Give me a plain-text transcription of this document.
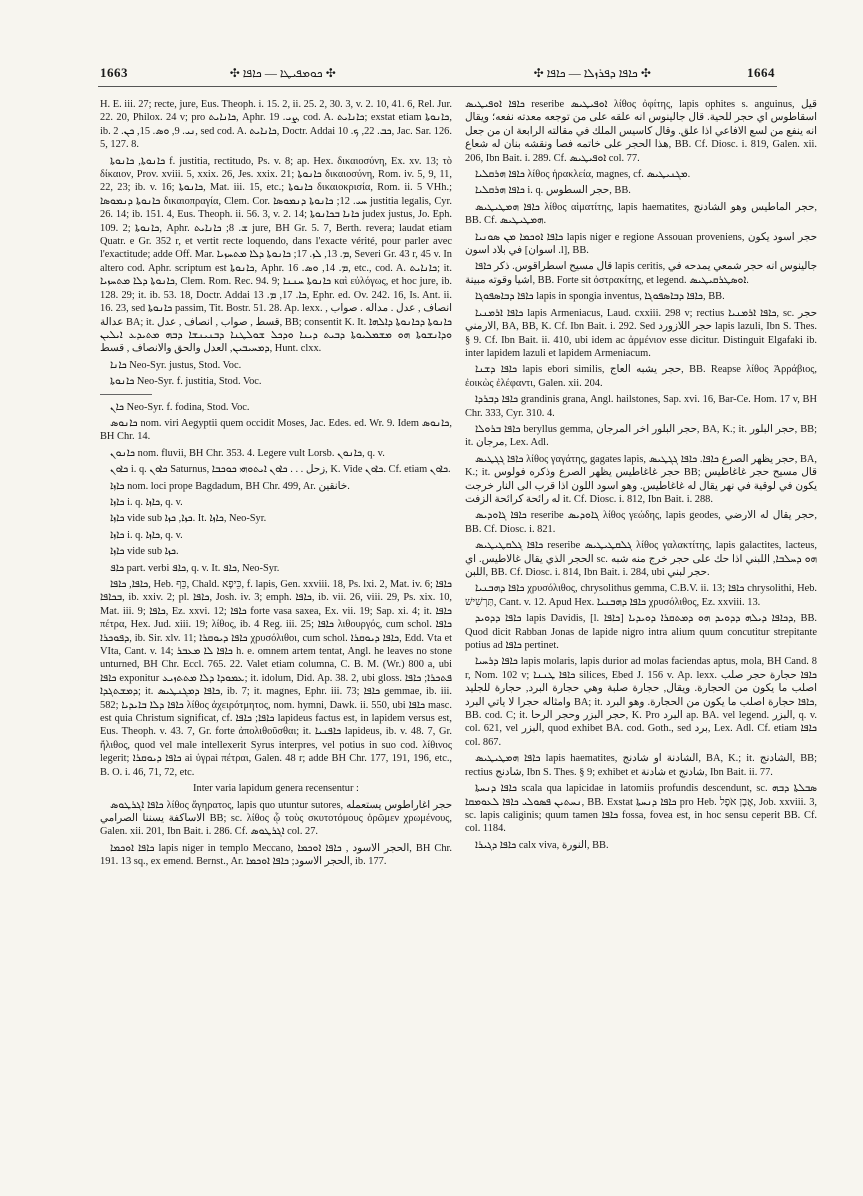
1663	✣ ܟܘܡܦܝܛܐ — ܟܐܦܐ ✣	✣ ܟܐܦܐ ܕܦܪܙܠܐ — ܟܐܦܐ ✣	1664

H. E. iii. 27; recte, jure, Eus. Theoph. i. 15. 2, ii. 25. 2, 30. 3, v. 2. 10, 41. 6, Rel. Jur. 22. 20, Philox. 24 v; pro ܟܐܢܐܝܬ, Aphr. ܨܝ. 19, cod. A. ܟܐܢܐܝܬ; exstat etiam ܟܐܢܘܬܐ, ib. ܢܝ. 9, ܘܣ. 15, ܟܢ. 2, sed cod. A. ܟܐܢܐܝܬ, Doctr. Addai ܟܒ. 22, ܟ. 10, Jac. Sar. 126. 5, 127. 8.

ܟܐܢܘܬܐ, ܟܐܢܘܬܐ f. justitia, rectitudo, Ps. v. 8; ap. Hex. δικαιοσύνη, Ex. xv. 13; τὸ δίκαιον, Prov. xviii. 5, xxix. 26, Jes. xxix. 21; ܟܐܢܘܬܐ δικαιοσύνη, Rom. iv. 5, 9, 11, 22, 23; ib. v. 16; ܟܐܢܘܬܐ, Mat. iii. 15, etc.; ܟܐܢܘܬܐ δικαιοκρισία, Rom. ii. 5 VHh.; ܟܐܢܘܬܐ ܕܢܡܘܣܐ δικαιοπραγία, Clem. Cor. ܚܝ. 12; ܟܐܢܘܬܐ ܕܢܡܘܣܐ justitia legalis, Cyr. 26. 14; ib. 151. 4, Eus. Theoph. ii. 56. 3, v. 2. 14; ܟܐܢܐ ܒܟܐܢܘܬܐ judex justus, Jo. Eph. 109. 2; ܟܐܢܘܬܐ, Aphr. ܫ. 8; ܟܐܢܐܝܬ jure, BH Gr. 5. 7, Berth. revera; laudat etiam Quatr. e Gr. 352 r, et vertit recte loquendo, dans l'exacte vérité, pour parler avec l'exactitude; adde Off. Mar. ܡ. 13, ܠܙ. 17; ܟܐܢܘܬܐ ܕܠܐ ܡܬܚܙܝܐ, Severi Gr. 43 r, 45 v. In altero cod. Aphr. scriptum est ܟܐܢܘܬܐ, Aphr. ܡ. 14, ܘܣ. 16, etc., cod. A. ܟܐܢܐܝܬ; it. ܟܐܢܘܬܐ ܕܠܐ ܡܬܚܙܝܐ, Clem. Rom. Rec. 94. 9; ܟܐܢܘܬܐ ܚܢܢܐ καὶ εὐλόγως, et hoc jure, ib. 128. 29; it. ib. 53. 18, Doctr. Addai ܟܐ. 17, ܡ. 13, Ephr. ed. Ov. 242. 16, Is. Ant. ii. 16. 23, sed ܟܐܢܘܬܐ passim, Tit. Bostr. 51. 28. Ap. lexx. انصاف , عدل . مداله . صواب , عدالة BA; it. قسط , صواب , انصاف , عدل, BB; consentit K. It. ܟܐܢܘܬܐ ܕܟܐܢܘܬܐ ܕܐܠܗܐ ܘܕܐܢܫܘܬܐ ܗܘ ܡܫܡܠܝܘܬܐ ܕܒܝܬ ܕܝܢܐ ܘܕܟܠ ܫܘܠܛܢܐ ܕܒܢܝܢܫܐ ܕܒܗ ܡܬܝܕܥ ܐܝܠܝܢ ܕܡܚܝܒܝܢ, العدل والحق والانصاف , قسط, Hunt. clxx.

ܟܐܢܐ Neo-Syr. justus, Stod. Voc.

ܟܐܢܘܬܐ Neo-Syr. f. justitia, Stod. Voc.

ܟܐܢ Neo-Syr. f. fodina, Stod. Voc.

ܟܐܢܘܣ nom. viri Aegyptii quem occidit Moses, Jac. Edes. ed. Wr. 9. Idem ܟܐܢܘܣ, BH Chr. 14.

ܟܐܢܘܢ nom. fluvii, BH Chr. 353. 4. Legere vult Lorsb. ܟܐܢܘܢ, q. v.

ܟܐܘܢ i. q. ܟܐܘܢ Saturnus, زحل . . . ܟܐܘܢ ܐܝܬܘܗܝ ܟܘܟܒܐ, K. Vide ܟܐܘܢ. Cf. etiam ܟܐܘܢ.

ܟܐܙܐ nom. loci prope Bagdadum, BH Chr. 499, Ar. خانقين.

ܟܐܙܐ i. q. ܟܐܙܐ, q. v.

ܟܐܙܐ vide sub ܟܙܐ, ܟܙܐ. It. ܟܐܙܐ, Neo-Syr.

ܟܐܙܐ i. q. ܟܐܙܐ, q. v.

ܟܐܙܐ vide sub ܟܙܐ.

ܟܐܦ part. verbi ܟܐܦ, q. v. It. ܟܐܦ, Neo-Syr.

ܟܐܦܐ, ܟܐܦܐ, Heb. כֵּף, Chald. כֵּיפָא, f. lapis, Gen. xxviii. 18, Ps. lxi. 2, Mat. iv. 6; ܟܐܦܐ ܒܟܐܦܐ, ib. xxiv. 2; pl. ܟܐܦܐ, Josh. iv. 3; emph. ܟܐܦܐ, ib. vii. 26, viii. 29, Ps. xix. 10, Mat. iii. 9; ܟܐܦܐ, Ez. xxvi. 12; ܟܐܦܐ forte vasa saxea, Ex. vii. 19; Sap. xi. 4; it. ܟܐܦܐ πέτρα, Hex. Jud. xiii. 19; λίθος, ib. 4 Reg. iii. 25; ܟܐܦܐ λιθουργός, cum schol. ܟܐܦܐ ܕܦܘܟܪܐ, ib. Sir. xlv. 11; ܟܐܦܐ ܕܝܘܩܪܐ χρυσόλιθοι, cum schol. ܟܐܦܐ ܕܝܘܩܪܐ, Edd. Vta et VIta, Cant. v. 14; ܟܐܦܐ ܠܐ ܡܥܒܪ h. e. omnem artem tentat, Angl. he leaves no stone unturned, BH Chr. Eccl. 765. 22. Valet etiam columna, C. B. M. (Wr.) 800 a, ubi ܟܐܦܐ exponitur ܥܡܘܕܐ ܕܠܐ ܡܬܬܙܝܥ; it. idolum, Did. Ap. 38. 2, ubi gloss. ܦܬܟܪܐ; ܟܐܦܐ ܕܡܫܬܓܕܐ; it. ܟܐܦܐ ܕܡܓܢܛܝܣ, ib. 7; it. magnes, Ephr. iii. 73; ܟܐܦܐ gemmae, ib. iii. 582; ܟܐܦܐ ܕܠܐ ܒܐܝܕܝܐ λίθος ἀχειρότμητος, nom. hymni, Dawk. ii. 550, ubi ܟܐܦܐ masc. est quia Christum significat, cf. ܟܐܦܐ; ܟܐܦܐ lapideus factus est, in lapidem versus est, Eus. Theoph. v. 43. 7, Gr. forte ἀπολιθοῦσθαι; it. ܟܐܦܢܝܐ lapideus, ib. v. 48. 7, Gr. ἤλιθος, quod vel male intellexerit Syrus interpres, vel potius in suo cod. λίθινος legerit; ܟܐܦܐ ܕܝܘܩܪܐ ai ὑγρaì πέτραι, Galen. 48 r; adde BH Chr. 177, 191, 196, etc., B. O. i. 46, 71, 72, etc.

Inter varia lapidum genera recensentur :

ܟܐܦܐ ܐܓܪܛܘܣ λίθος ἄγηρατος, lapis quo utuntur sutores, حجر اغاراطوس يستعمله الاساكفة يسننا الصرامي BB; sc. λίθος ᾧ τοὺς σκυτοτόμους ὁρῶμεν χρωμένους, Galen. xii. 201, Ibn Bait. i. 286. Cf. ܐܓܪܛܘܣ col. 27.

ܟܐܦܐ ܐܘܟܡܐ lapis niger in templo Meccano, الحجر الاسود , ܟܐܦܐ ܐܘܟܡܐ, BH Chr. 191. 13 sq., ex emend. Bernst., Ar. الحجر الاسود; ܟܐܦܐ ܐܘܟܡܐ, ib. 177.

ܟܐܦܐ ܐܘܦܝܛܝܣ reseribe ܐܘܦܝܛܝܣ λίθος ὀφίτης, lapis ophites s. anguinus, قيل اسقاطوس اي حجر للحية. قال جالينوس انه علقه على من توجعه معدته نفعه؛ ويقال انه ينفع من لسع الافاعي اذا علق. وقال كاسيس الملك في مقالته الرابعة ان من جعل هذا الحجر على خاتمه فصا ونقشه بنان له شعاع, BB. Cf. Diosc. i. 819, Galen. xii. 206, Ibn Bait. i. 289. Cf. ܐܘܦܝܛܝܣ col. 77.

ܟܐܦܐ ܗܪܩܠܝܐ λίθος ἡρακλεία, magnes, cf. ܡܓܢܝܛܝܣ.

ܟܐܦܐ ܗܪܩܠܝܐ i. q. حجر السطوس, BB.

ܟܐܦܐ ܗܡܛܝܛܝܣ λίθος αἱματίτης, lapis haematites, حجر الماطيس وهو الشادنج, BB. Cf. ܗܡܛܝܛܝܣ.

ܟܐܦܐ ܐܘܟܡܐ ܡܢ ܣܘܢܝܐ lapis niger e regione Assouan proveniens, حجر اسود يكون في بلاد اسون [اسوان .l], BB.

قال مسيح اسطراقوس. ذكر ܟܐܦܐ lapis ceritis, جالينوس انه حجر شمعي يمدحه في اشيا وقوته مبينة, BB. Forte sit ὀστρακίτης, et legend. ܐܘܣܛܪܩܝܛܝܣ.

ܟܐܦܐ ܕܒܐܣܦܘܓܐ lapis in spongia inventus, ܟܐܦܐ ܕܒܐܣܦܘܓܐ, BB.

ܟܐܦܐ ܐܪܡܢܝܐ lapis Armeniacus, Laud. cxxiii. 298 v; rectius ܟܐܦܐ ܐܪܡܢܝܐ, sc. حجر الارمني, BA, BB, K. Cf. Ibn Bait. i. 292. Sed حجر اللازورد lapis lazuli, Ibn S. Thes. § 9. Cf. Ibn Bait. ii. 410, ubi idem ac ἀρμένιον esse dicitur. Distinguit Elgafaki ib. inter lapidem lazuli et lapidem Armeniacum.

ܟܐܦܐ ܕܫܢܐ lapis ebori similis, حجر يشبه العاج, BB. Reapse λίθος Ἀρράβιος, ἐοικὼς ἐλέφαντι, Galen. xii. 204.

ܟܐܦܐ ܕܒܪܕܐ grandinis grana, Angl. hailstones, Sap. xvi. 16, Bar-Ce. Hom. 17 v, BH Chr. 333, Cyr. 310. 4.

ܟܐܦܐ ܒܪܘܠܐ beryllus gemma, حجر البلور اخر المرجان, BA, K.; it. حجر البلور, BB; it. مرجان, Lex. Adl.

ܟܐܦܐ ܓܓܛܝܣ λίθος γαγάτης, gagates lapis, حجر يظهر الصرع ܟܐܦܐ. ܟܐܦܐ ܓܓܛܝܣ, BA, K.; it. حجر غاغاطيس يظهر الصرع وذكره فولوس BB; قال مسيح حجر غاغاطيس يكون في لوقية في نهر يقال له غاغاطيس. وهو اسود اللون اذا قرب الى النار خرجت له رائحة كرائحة الزفت it. Cf. Diosc. i. 812, Ibn Bait. i. 288.

ܟܐܦܐ ܓܐܘܕܝܣ reseribe ܓܐܘܕܝܣ λίθος γεώδης, lapis geodes, حجر يقال له الارضي, BB. Cf. Diosc. i. 821.

ܟܐܦܐ ܓܠܩܛܝܛܝܣ reseribe ܓܠܩܛܝܛܝܣ λίθος γαλακτίτης, lapis galactites, lacteus, الحجر الذي يقال غالاطيس. اي sc. ܗܘ ܕܚܠܒܐ, اللبني اذا حك على حجر خرج منه شبه اللبن, BB. Cf. Diosc. i. 814, Ibn Bait. i. 284, ubi حجر لبني.

ܟܐܦܐ ܕܗܒܢܝܐ χρυσόλιθος, chrysolithus gemma, C.B.V. ii. 13; ܟܐܦܐ chrysolithi, Heb. תַּרְשִׁישׁ, Cant. v. 12. Apud Hex. ܟܐܦܐ ܕܗܒܢܝܐ χρυσόλιθος, Ez. xxviii. 13.

ܟܐܦܐ ܕܕܘܝܕ lapis Davidis, [l. ܟܐܦܐ] ܕܟܐܦܐ ܕܝܠܗ ܕܕܘܝܕ ܗܘ ܕܡܬܩܪܐ ܕܘܝܕܝܐ, BB. Quod dicit Rabban Jonas de lapide nigro intra alium quum concutitur strepitante potius ad ܟܐܦܐ pertinet.

ܟܐܦܐ ܕܪܚܝܐ lapis molaris, lapis durior ad molas faciendas aptus, mola, BH Cand. 8 r, Nom. 102 v; ܟܐܦܐ ܛܢܢܐ silices, Ebed J. 156 v. Ap. lexx. ܟܐܦܐ حجارة حجر صلب اصلب ما يكون من الحجارة. ويقال, حجارة صلبة وهي حجارة البرد, حجارة للجليد وامثاله حجرا لا ياتي البرد BA; it. ܟܐܦܐ حجارة اصلب ما يكون من الحجارة. وهو البرد, BB. cod. C; it. حجر البزر وحجر الرحا, K. Pro البرد ap. BA. vel legend. البزر, q. v. col. 621, vel البزر, quod exhibet BA. cod. Goth., sed برد, Lex. Adl. Cf. etiam ܟܐܦܐ col. 867.

ܟܐܦܐ ܗܡܛܝܛܝܣ lapis haematites, الشادنة او شادنج, BA, K.; it. الشادنج, BB; rectius شادنج, Ibn S. Thes. § 9; exhibet et شادنة et شادنج, Ibn Bait. ii. 77.

ܟܐܦܐ ܕܢܚܬܐ scala qua lapicidae in latomiis profundis descendunt, sc. ܣܒܠܬܐ ܕܒܗ ܢܚܬܝܢ ܦܣܘܠܝ ܟܐܦܐ ܠܥܘܡܩܐ, BB. Exstat ܟܐܦܐ ܕܢܚܬܐ pro Heb. אֶבֶן אֹפֶל, Job. xxviii. 3, sc. lapis caliginis; quum tamen ܟܐܦܐ fossa, fovea est, in hoc sensu ceperit BB. Cf. col. 1184.

ܟܐܦܐ ܕܓܝܪܐ calx viva, النورة, BB.
